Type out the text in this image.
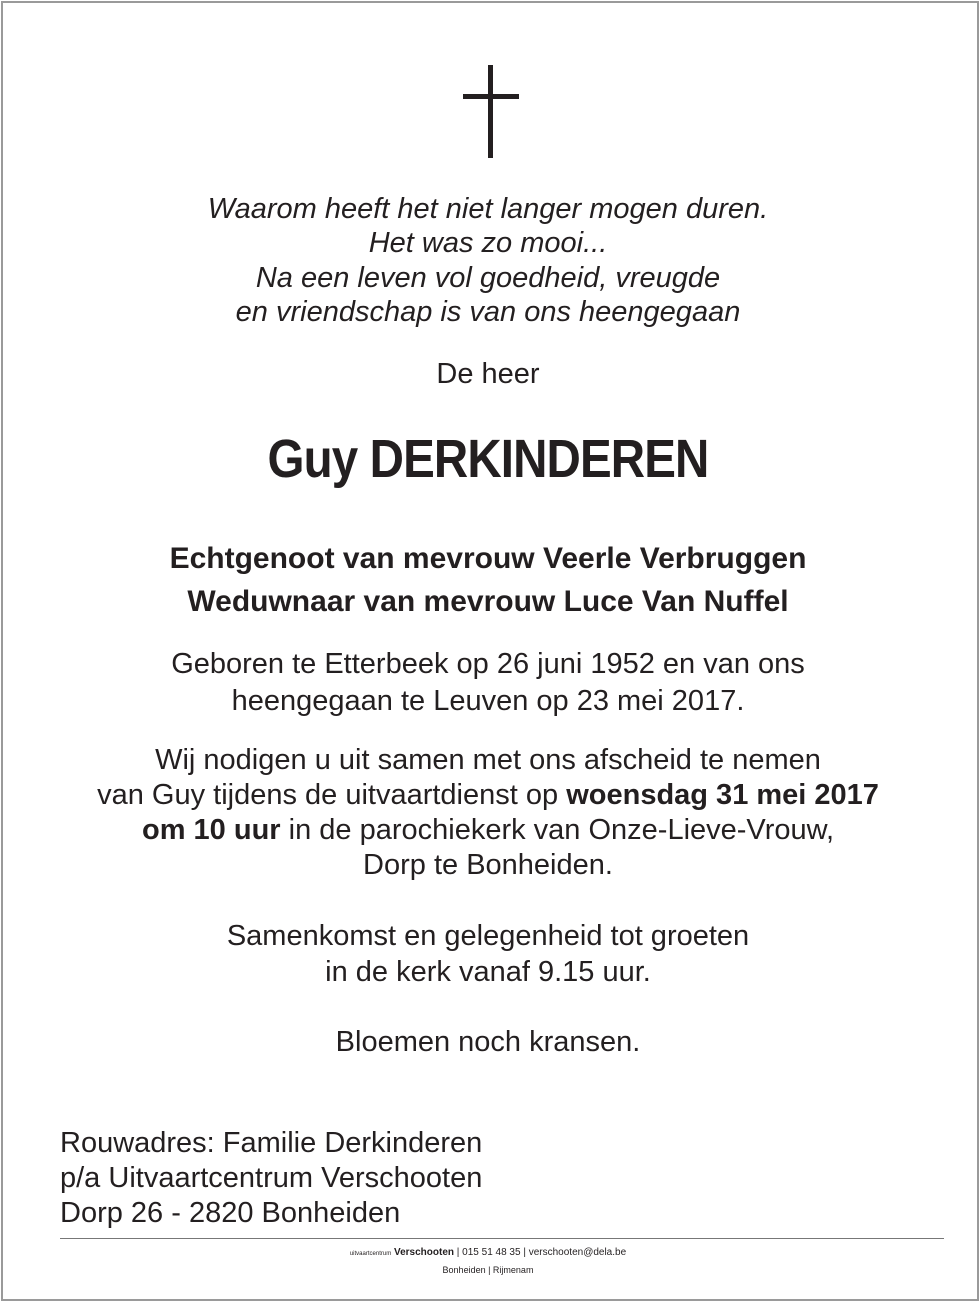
Waarom heeft het niet langer mogen duren.
Het was zo mooi...
Na een leven vol goedheid, vreugde
en vriendschap is van ons heengegaan
De heer
Guy DERKINDEREN
Echtgenoot van mevrouw Veerle Verbruggen
Weduwnaar van mevrouw Luce Van Nuffel
Geboren te Etterbeek op 26 juni 1952 en van ons
heengegaan te Leuven op 23 mei 2017.
Wij nodigen u uit samen met ons afscheid te nemen
van Guy tijdens de uitvaartdienst op woensdag 31 mei 2017
om 10 uur in de parochiekerk van Onze-Lieve-Vrouw,
Dorp te Bonheiden.
Samenkomst en gelegenheid tot groeten
in de kerk vanaf 9.15 uur.
Bloemen noch kransen.
Rouwadres: Familie Derkinderen
p/a Uitvaartcentrum Verschooten
Dorp 26 - 2820 Bonheiden
uitvaartcentrum Verschooten | 015 51 48 35 | verschooten@dela.be
Bonheiden | Rijmenam
